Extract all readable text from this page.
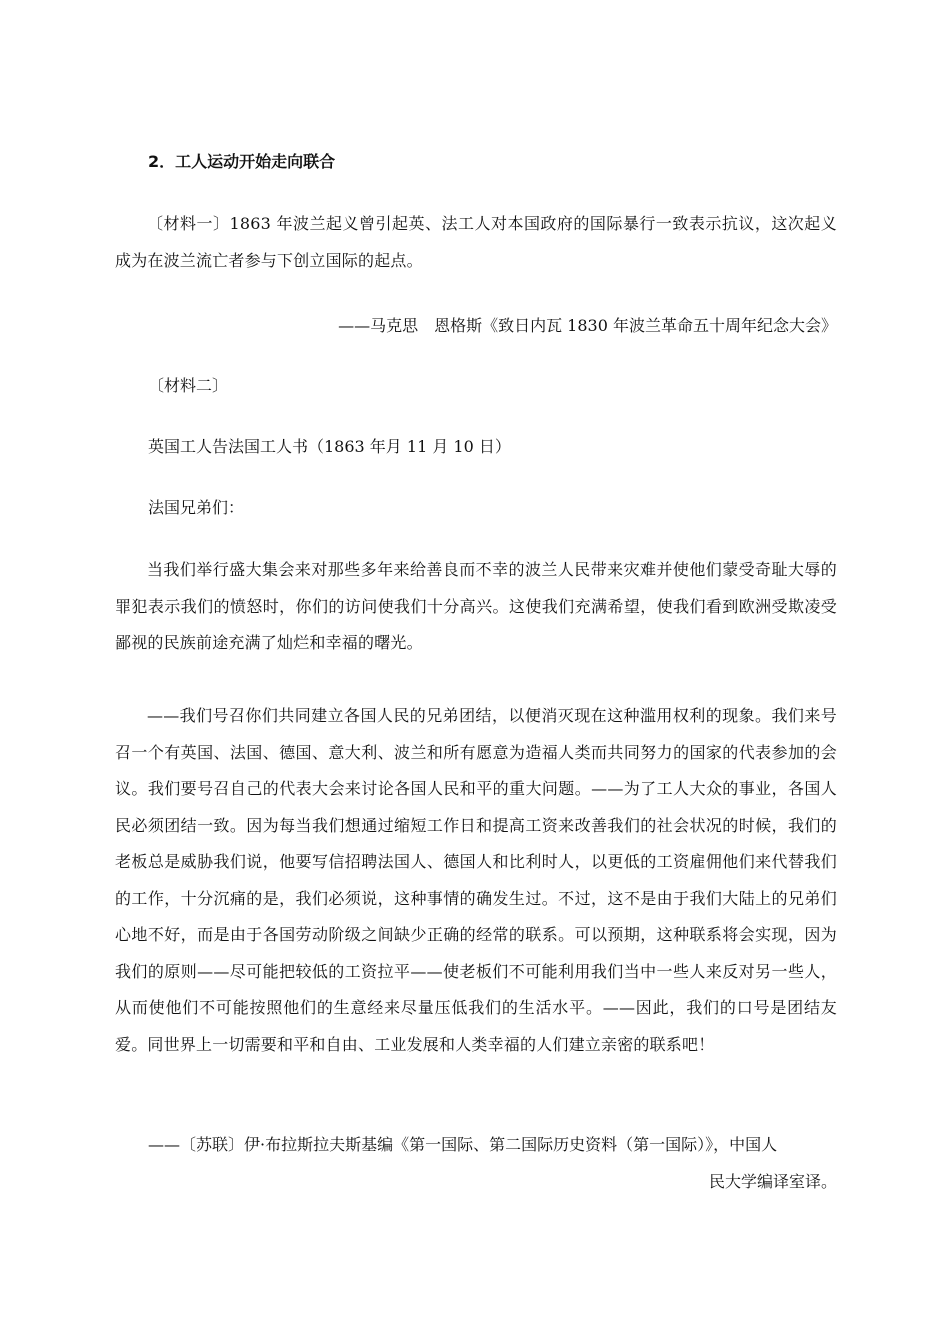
2．工人运动开始走向联合
〔材料一〕1863 年波兰起义曾引起英、法工人对本国政府的国际暴行一致表示抗议，这次起义成为在波兰流亡者参与下创立国际的起点。
——马克思　恩格斯《致日内瓦 1830 年波兰革命五十周年纪念大会》
〔材料二〕
英国工人告法国工人书（1863 年月 11 月 10 日）
法国兄弟们：
当我们举行盛大集会来对那些多年来给善良而不幸的波兰人民带来灾难并使他们蒙受奇耻大辱的罪犯表示我们的愤怒时，你们的访问使我们十分高兴。这使我们充满希望，使我们看到欧洲受欺凌受鄙视的民族前途充满了灿烂和幸福的曙光。
——我们号召你们共同建立各国人民的兄弟团结，以便消灭现在这种滥用权利的现象。我们来号召一个有英国、法国、德国、意大利、波兰和所有愿意为造福人类而共同努力的国家的代表参加的会议。我们要号召自己的代表大会来讨论各国人民和平的重大问题。——为了工人大众的事业，各国人民必须团结一致。因为每当我们想通过缩短工作日和提高工资来改善我们的社会状况的时候，我们的老板总是威胁我们说，他要写信招聘法国人、德国人和比利时人，以更低的工资雇佣他们来代替我们的工作，十分沉痛的是，我们必须说，这种事情的确发生过。不过，这不是由于我们大陆上的兄弟们心地不好，而是由于各国劳动阶级之间缺少正确的经常的联系。可以预期，这种联系将会实现，因为我们的原则——尽可能把较低的工资拉平——使老板们不可能利用我们当中一些人来反对另一些人，从而使他们不可能按照他们的生意经来尽量压低我们的生活水平。——因此，我们的口号是团结友爱。同世界上一切需要和平和自由、工业发展和人类幸福的人们建立亲密的联系吧！
——〔苏联〕伊·布拉斯拉夫斯基编《第一国际、第二国际历史资料（第一国际）》，中国人
民大学编译室译。
